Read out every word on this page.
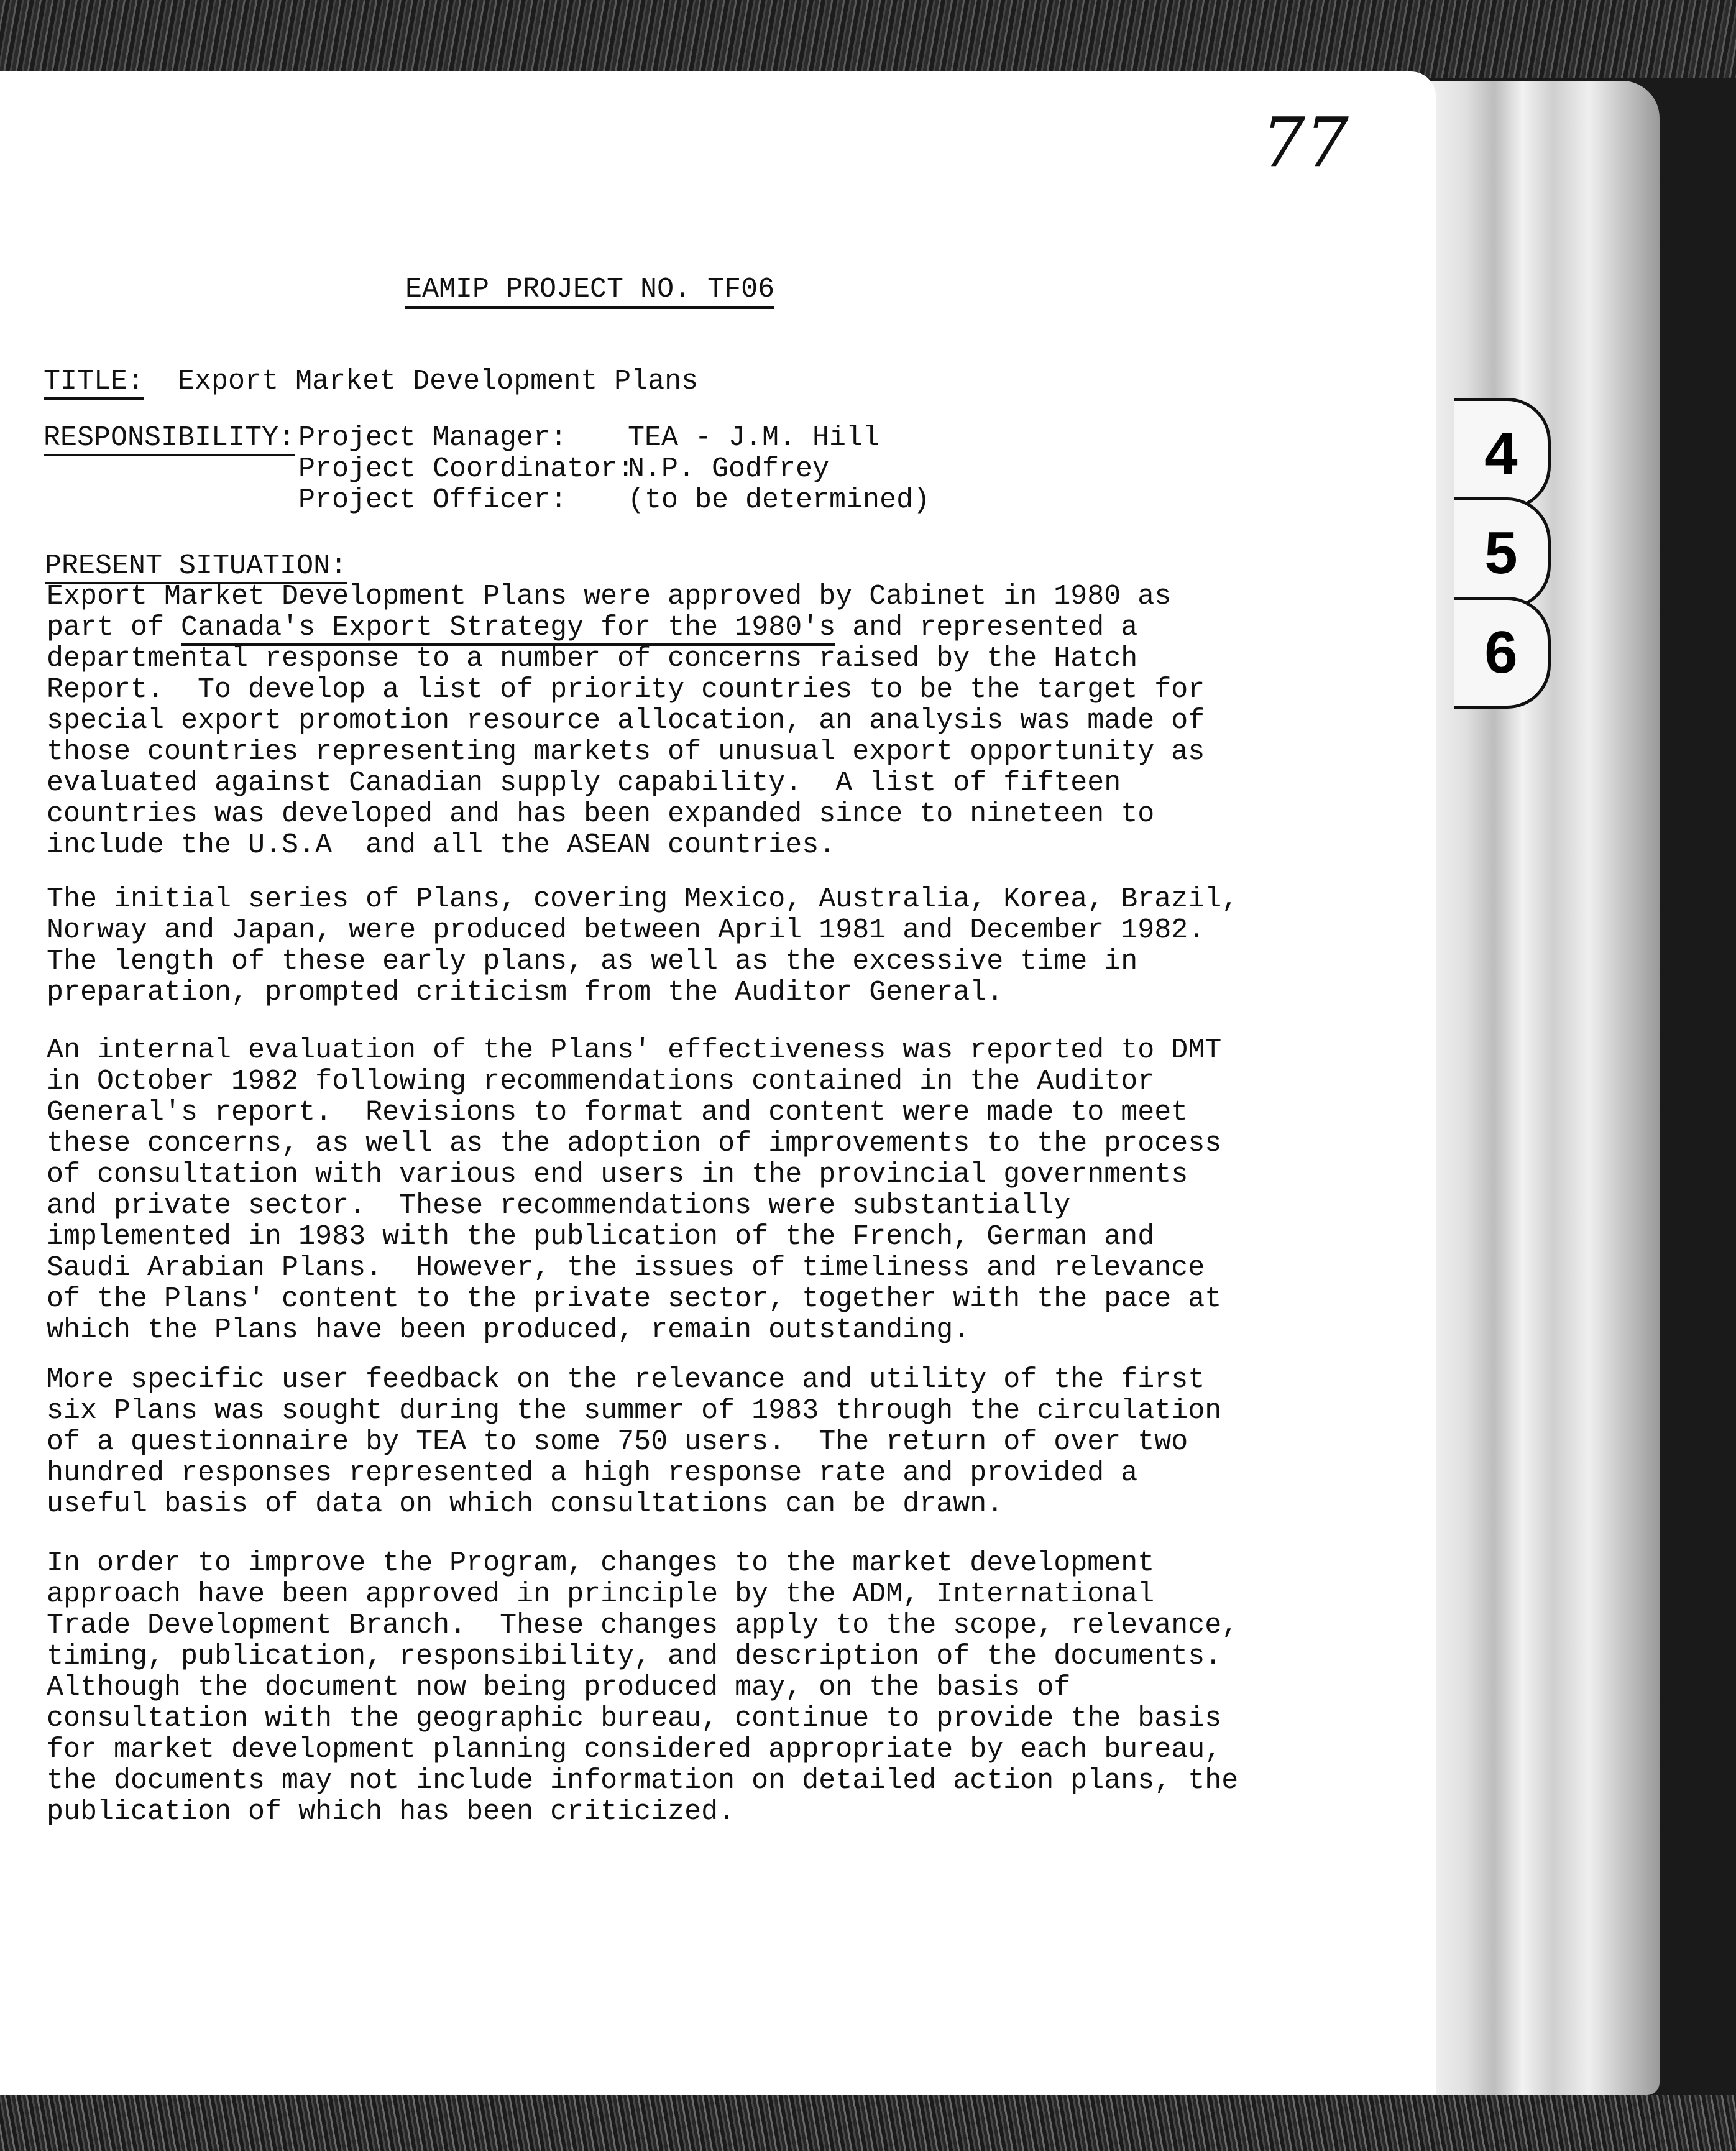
4
5
6
77
EAMIP PROJECT NO. TF06
TITLE: Export Market Development Plans
RESPONSIBILITY: Project Manager:	TEA - J.M. Hill
Project Coordinator:
N.P. Godfrey
Project Officer:	(to be determined)
PRESENT SITUATION:
Export Market Development Plans were approved by Cabinet in 1980 as
part of Canada's Export Strategy for the 1980's and represented a
departmental response to a number of concerns raised by the Hatch
Report.  To develop a list of priority countries to be the target for
special export promotion resource allocation, an analysis was made of
those countries representing markets of unusual export opportunity as
evaluated against Canadian supply capability.  A list of fifteen
countries was developed and has been expanded since to nineteen to
include the U.S.A  and all the ASEAN countries.
The initial series of Plans, covering Mexico, Australia, Korea, Brazil,
Norway and Japan, were produced between April 1981 and December 1982.
The length of these early plans, as well as the excessive time in
preparation, prompted criticism from the Auditor General.
An internal evaluation of the Plans' effectiveness was reported to DMT
in October 1982 following recommendations contained in the Auditor
General's report.  Revisions to format and content were made to meet
these concerns, as well as the adoption of improvements to the process
of consultation with various end users in the provincial governments
and private sector.  These recommendations were substantially
implemented in 1983 with the publication of the French, German and
Saudi Arabian Plans.  However, the issues of timeliness and relevance
of the Plans' content to the private sector, together with the pace at
which the Plans have been produced, remain outstanding.
More specific user feedback on the relevance and utility of the first
six Plans was sought during the summer of 1983 through the circulation
of a questionnaire by TEA to some 750 users.  The return of over two
hundred responses represented a high response rate and provided a
useful basis of data on which consultations can be drawn.
In order to improve the Program, changes to the market development
approach have been approved in principle by the ADM, International
Trade Development Branch.  These changes apply to the scope, relevance,
timing, publication, responsibility, and description of the documents.
Although the document now being produced may, on the basis of
consultation with the geographic bureau, continue to provide the basis
for market development planning considered appropriate by each bureau,
the documents may not include information on detailed action plans, the
publication of which has been criticized.
